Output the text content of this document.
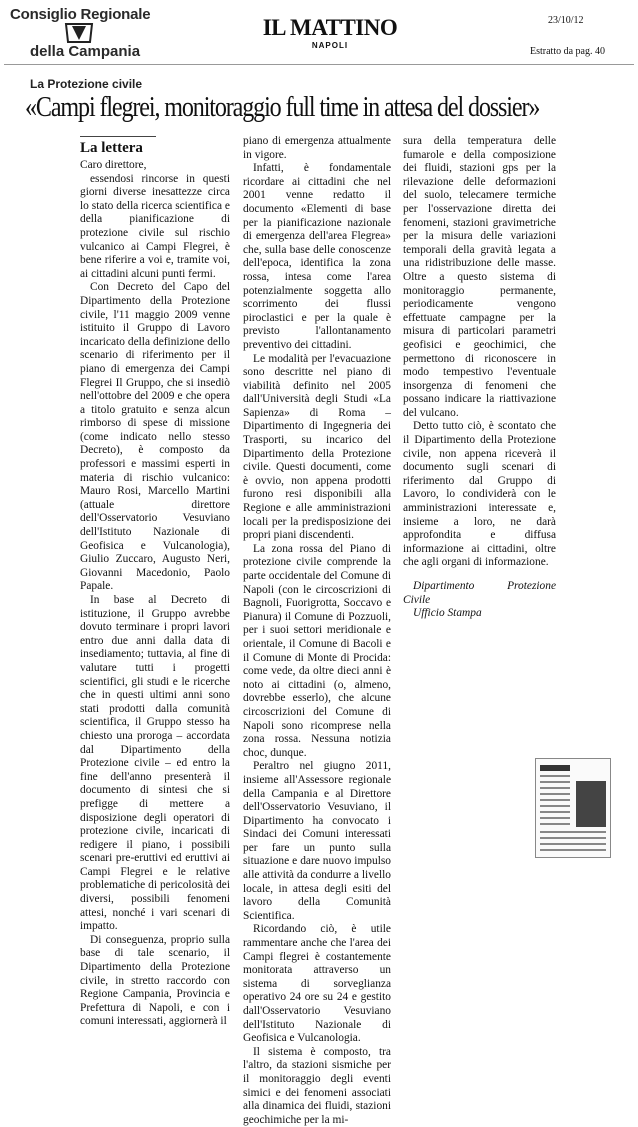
Consiglio Regionale
della Campania
IL MATTINO
NAPOLI
23/10/12
Estratto da pag. 40
La Protezione civile
«Campi flegrei, monitoraggio full time in attesa del dossier»
La lettera

Caro direttore,

essendosi rincorse in questi giorni diverse inesattezze circa lo stato della ricerca scientifica e della pianificazione di protezione civile sul rischio vulcanico ai Campi Flegrei, è bene riferire a voi e, tramite voi, ai cittadini alcuni punti fermi.

Con Decreto del Capo del Dipartimento della Protezione civile, l'11 maggio 2009 venne istituito il Gruppo di Lavoro incaricato della definizione dello scenario di riferimento per il piano di emergenza dei Campi Flegrei Il Gruppo, che si insediò nell'ottobre del 2009 e che opera a titolo gratuito e senza alcun rimborso di spese di missione (come indicato nello stesso Decreto), è composto da professori e massimi esperti in materia di rischio vulcanico: Mauro Rosi, Marcello Martini (attuale direttore dell'Osservatorio Vesuviano dell'Istituto Nazionale di Geofisica e Vulcanologia), Giulio Zuccaro, Augusto Neri, Giovanni Macedonio, Paolo Papale.

In base al Decreto di istituzione, il Gruppo avrebbe dovuto terminare i propri lavori entro due anni dalla data di insediamento; tuttavia, al fine di valutare tutti i progetti scientifici, gli studi e le ricerche che in questi ultimi anni sono stati prodotti dalla comunità scientifica, il Gruppo stesso ha chiesto una proroga – accordata dal Dipartimento della Protezione civile – ed entro la fine dell'anno presenterà il documento di sintesi che si prefigge di mettere a disposizione degli operatori di protezione civile, incaricati di redigere il piano, i possibili scenari pre-eruttivi ed eruttivi ai Campi Flegrei e le relative problematiche di pericolosità dei diversi, possibili fenomeni attesi, nonché i vari scenari di impatto.

Di conseguenza, proprio sulla base di tale scenario, il Dipartimento della Protezione civile, in stretto raccordo con Regione Campania, Provincia e Prefettura di Napoli, e con i comuni interessati, aggiornerà il

piano di emergenza attualmente in vigore.

Infatti, è fondamentale ricordare ai cittadini che nel 2001 venne redatto il documento «Elementi di base per la pianificazione nazionale di emergenza dell'area Flegrea» che, sulla base delle conoscenze dell'epoca, identifica la zona rossa, intesa come l'area potenzialmente soggetta allo scorrimento dei flussi piroclastici e per la quale è previsto l'allontanamento preventivo dei cittadini.

Le modalità per l'evacuazione sono descritte nel piano di viabilità definito nel 2005 dall'Università degli Studi «La Sapienza» di Roma – Dipartimento di Ingegneria dei Trasporti, su incarico del Dipartimento della Protezione civile. Questi documenti, come è ovvio, non appena prodotti furono resi disponibili alla Regione e alle amministrazioni locali per la predisposizione dei propri piani discendenti.

La zona rossa del Piano di protezione civile comprende la parte occidentale del Comune di Napoli (con le circoscrizioni di Bagnoli, Fuorigrotta, Soccavo e Pianura) il Comune di Pozzuoli, per i suoi settori meridionale e orientale, il Comune di Bacoli e il Comune di Monte di Procida: come vede, da oltre dieci anni è noto ai cittadini (o, almeno, dovrebbe esserlo), che alcune circoscrizioni del Comune di Napoli sono ricomprese nella zona rossa. Nessuna notizia choc, dunque.

Peraltro nel giugno 2011, insieme all'Assessore regionale della Campania e al Direttore dell'Osservatorio Vesuviano, il Dipartimento ha convocato i Sindaci dei Comuni interessati per fare un punto sulla situazione e dare nuovo impulso alle attività da condurre a livello locale, in attesa degli esiti del lavoro della Comunità Scientifica.

Ricordando ciò, è utile rammentare anche che l'area dei Campi flegrei è costantemente monitorata attraverso un sistema di sorveglianza operativo 24 ore su 24 e gestito dall'Osservatorio Vesuviano dell'Istituto Nazionale di Geofisica e Vulcanologia.

Il sistema è composto, tra l'altro, da stazioni sismiche per il monitoraggio degli eventi simici e dei fenomeni associati alla dinamica dei fluidi, stazioni geochimiche per la mi-

sura della temperatura delle fumarole e della composizione dei fluidi, stazioni gps per la rilevazione delle deformazioni del suolo, telecamere termiche per l'osservazione diretta dei fenomeni, stazioni gravimetriche per la misura delle variazioni temporali della gravità legata a una ridistribuzione delle masse. Oltre a questo sistema di monitoraggio permanente, periodicamente vengono effettuate campagne per la misura di particolari parametri geofisici e geochimici, che permettono di riconoscere in modo tempestivo l'eventuale insorgenza di fenomeni che possano indicare la riattivazione del vulcano.

Detto tutto ciò, è scontato che il Dipartimento della Protezione civile, non appena riceverà il documento sugli scenari di riferimento dal Gruppo di Lavoro, lo condividerà con le amministrazioni interessate e, insieme a loro, ne darà approfondita e diffusa informazione ai cittadini, oltre che agli organi di informazione.

Dipartimento Protezione Civile

Ufficio Stampa
